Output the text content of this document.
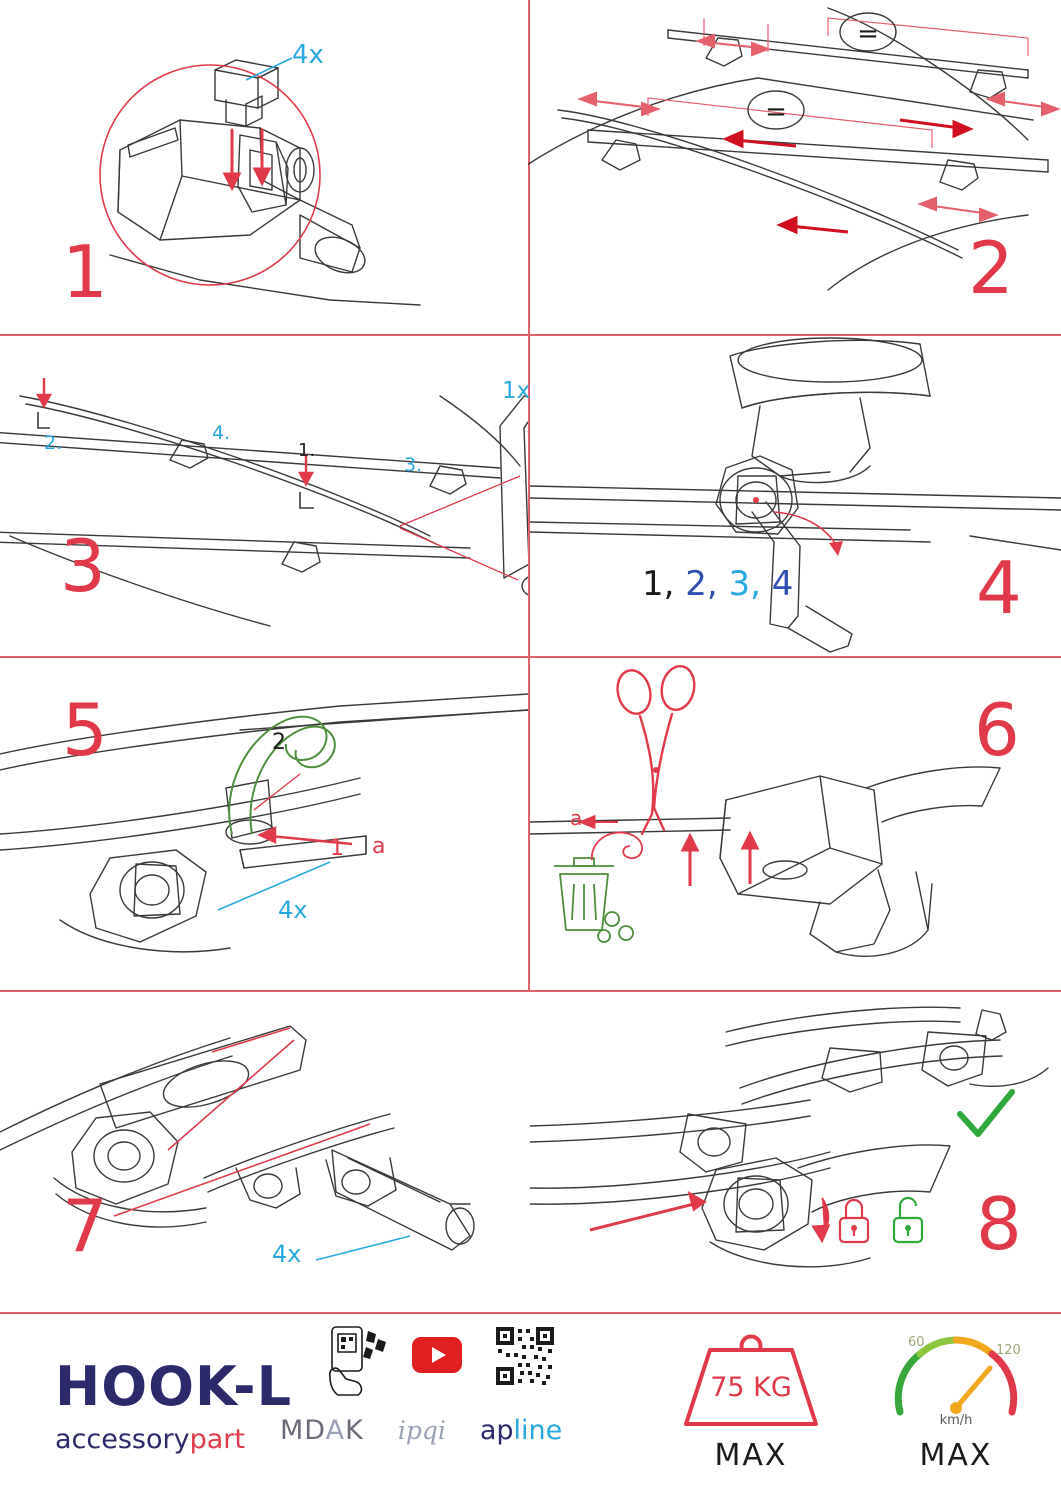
4x
1
=
=
2
1.
2.
3.
4.
1x
3	1, 2, 3, 4	4
1
2
a
4x
5
a
6
4x
7	8
HOOK-L
accessorypart	MDAK ipqi apline
75 KG
MAX
60
120
km/h
MAX
